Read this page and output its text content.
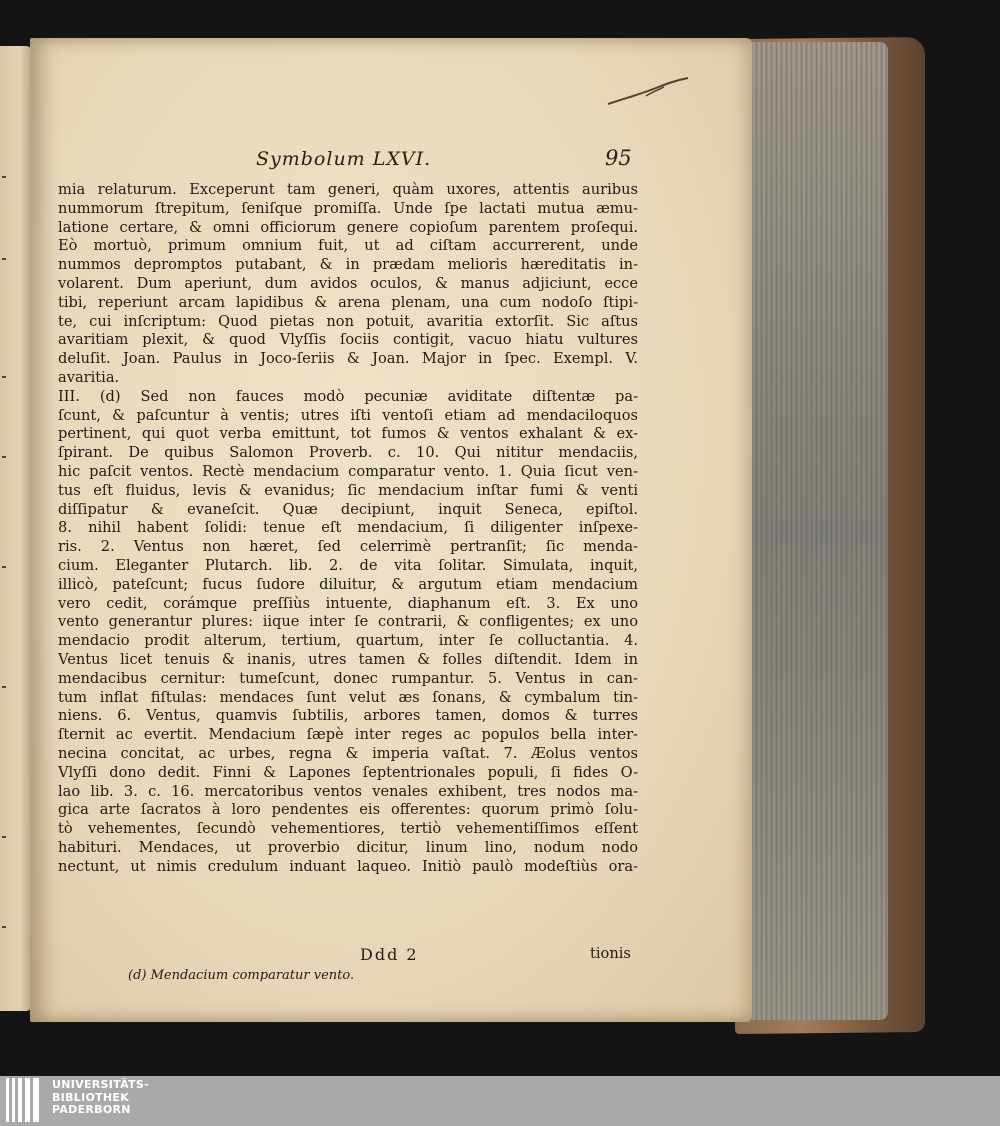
Symbolum LXVI.	95
mia relaturum. Exceperunt tam generi, quàm uxores, attentis auribus
nummorum ſtrepitum, ſeniſque promiſſa. Unde ſpe lactati mutua æmu-
latione certare, & omni officiorum genere copioſum parentem proſequi.
Eò mortuò, primum omnium fuit, ut ad ciſtam accurrerent, unde
nummos depromptos putabant, & in prædam melioris hæreditatis in-
volarent. Dum aperiunt, dum avidos oculos, & manus adjiciunt, ecce
tibi, reperiunt arcam lapidibus & arena plenam, una cum nodoſo ſtipi-
te, cui inſcriptum: Quod pietas non potuit, avaritia extorſit. Sic aſtus
avaritiam plexit, & quod Vlyſſis ſociis contigit, vacuo hiatu vultures
deluſit. Joan. Paulus in Joco-ſeriis & Joan. Major in ſpec. Exempl. V.
avaritia.
III. (d) Sed non fauces modò pecuniæ aviditate diſtentæ pa-
ſcunt, & paſcuntur à ventis; utres iſti ventoſi etiam ad mendaciloquos
pertinent, qui quot verba emittunt, tot fumos & ventos exhalant & ex-
ſpirant. De quibus Salomon Proverb. c. 10. Qui nititur mendaciis,
hic paſcit ventos. Rectè mendacium comparatur vento. 1. Quia ſicut ven-
tus eſt fluidus, levis & evanidus; ſic mendacium inſtar fumi & venti
diſſipatur & evaneſcit. Quæ decipiunt, inquit Seneca, epiſtol.
8. nihil habent ſolidi: tenue eſt mendacium, ſi diligenter inſpexe-
ris. 2. Ventus non hæret, ſed celerrimè pertranſit; ſic menda-
cium. Eleganter Plutarch. lib. 2. de vita ſolitar. Simulata, inquit,
illicò, pateſcunt; fucus ſudore diluitur, & argutum etiam mendacium
vero cedit, corámque preſſiùs intuente, diaphanum eſt. 3. Ex uno
vento generantur plures: iique inter ſe contrarii, & confligentes; ex uno
mendacio prodit alterum, tertium, quartum, inter ſe colluctantia. 4.
Ventus licet tenuis & inanis, utres tamen & folles diſtendit. Idem in
mendacibus cernitur: tumeſcunt, donec rumpantur. 5. Ventus in can-
tum inflat fiſtulas: mendaces ſunt velut æs ſonans, & cymbalum tin-
niens. 6. Ventus, quamvis ſubtilis, arbores tamen, domos & turres
ſternit ac evertit. Mendacium ſæpè inter reges ac populos bella inter-
necina concitat, ac urbes, regna & imperia vaſtat. 7. Æolus ventos
Vlyſſi dono dedit. Finni & Lapones ſeptentrionales populi, ſi fides O-
lao lib. 3. c. 16. mercatoribus ventos venales exhibent, tres nodos ma-
gica arte ſacratos à loro pendentes eis offerentes: quorum primò ſolu-
tò vehementes, ſecundò vehementiores, tertiò vehementiſſimos eſſent
habituri. Mendaces, ut proverbio dicitur, linum lino, nodum nodo
nectunt, ut nimis credulum induant laqueo. Initiò paulò modeſtiùs ora-
Ddd 2	tionis
(d) Mendacium comparatur vento.
UNIVERSITÄTS-
BIBLIOTHEK
PADERBORN
